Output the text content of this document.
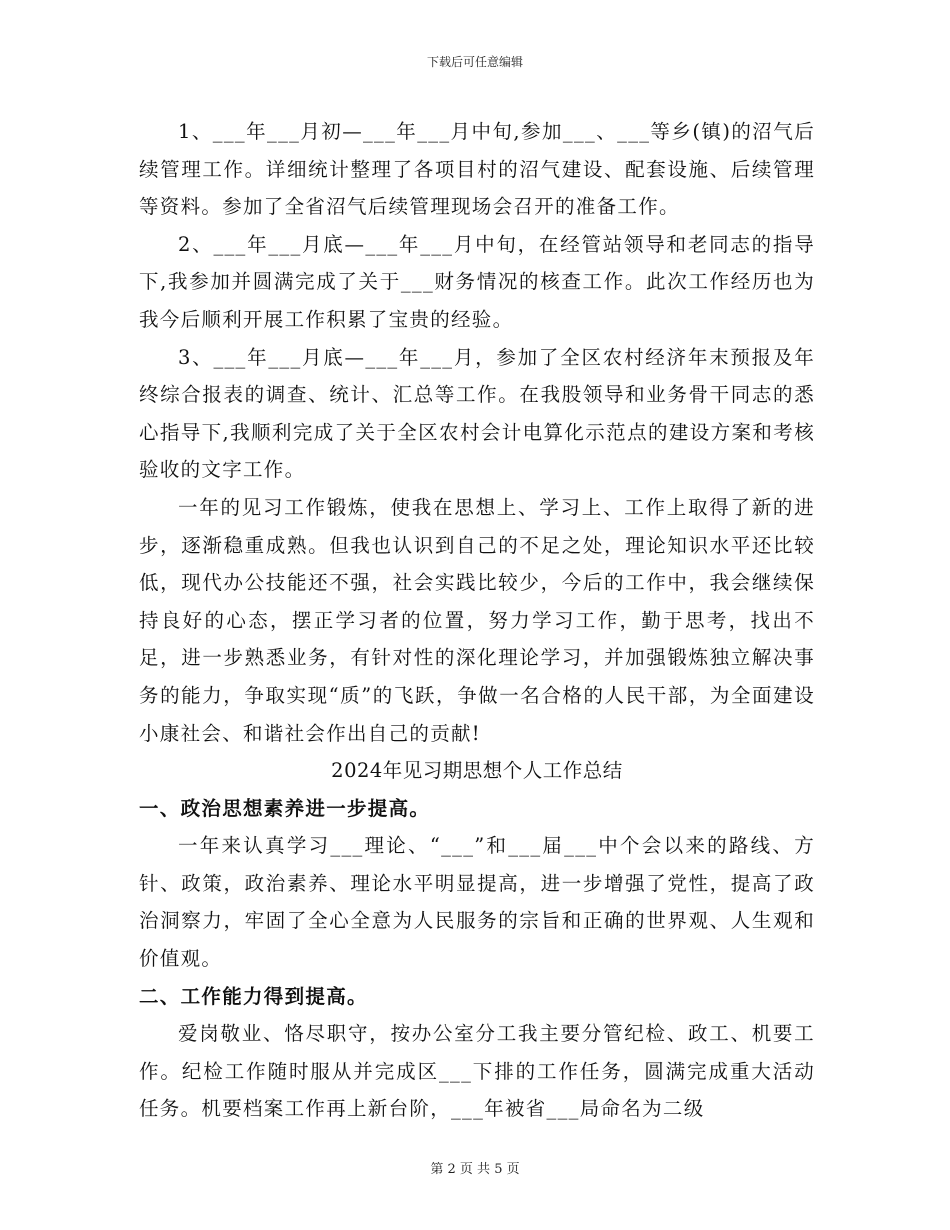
下载后可任意编辑

1、___年___月初—___年___月中旬,参加___、___等乡(镇)的沼气后续管理工作。详细统计整理了各项目村的沼气建设、配套设施、后续管理等资料。参加了全省沼气后续管理现场会召开的准备工作。

2、___年___月底—___年___月中旬，在经管站领导和老同志的指导下,我参加并圆满完成了关于___财务情况的核查工作。此次工作经历也为我今后顺利开展工作积累了宝贵的经验。

3、___年___月底—___年___月，参加了全区农村经济年末预报及年终综合报表的调查、统计、汇总等工作。在我股领导和业务骨干同志的悉心指导下,我顺利完成了关于全区农村会计电算化示范点的建设方案和考核验收的文字工作。

一年的见习工作锻炼，使我在思想上、学习上、工作上取得了新的进步，逐渐稳重成熟。但我也认识到自己的不足之处，理论知识水平还比较低，现代办公技能还不强，社会实践比较少，今后的工作中，我会继续保持良好的心态，摆正学习者的位置，努力学习工作，勤于思考，找出不足，进一步熟悉业务，有针对性的深化理论学习，并加强锻炼独立解决事务的能力，争取实现“质”的飞跃，争做一名合格的人民干部，为全面建设小康社会、和谐社会作出自己的贡献!

2024年见习期思想个人工作总结
一、政治思想素养进一步提高。

一年来认真学习___理论、“___”和___届___中个会以来的路线、方针、政策，政治素养、理论水平明显提高，进一步增强了党性，提高了政治洞察力，牢固了全心全意为人民服务的宗旨和正确的世界观、人生观和价值观。

二、工作能力得到提高。

爱岗敬业、恪尽职守，按办公室分工我主要分管纪检、政工、机要工作。纪检工作随时服从并完成区___下排的工作任务，圆满完成重大活动任务。机要档案工作再上新台阶，___年被省___局命名为二级

第 2 页 共 5 页
